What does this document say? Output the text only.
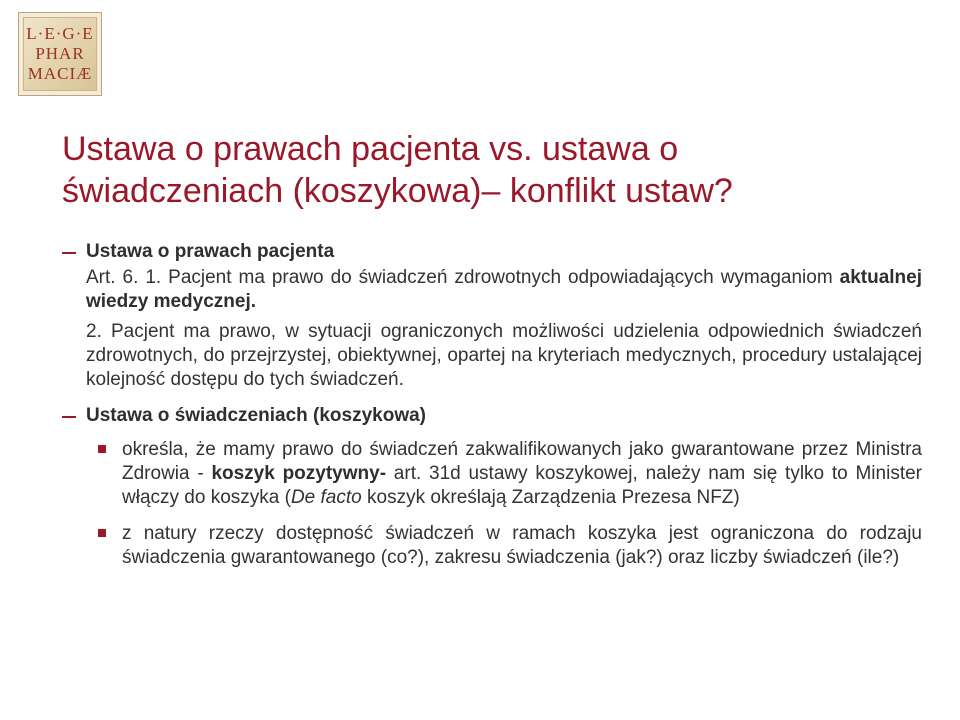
L·E·G·E
PHAR
MACIÆ
Ustawa o prawach pacjenta vs. ustawa o
świadczeniach (koszykowa)– konflikt ustaw?
Ustawa o prawach pacjenta
Art. 6. 1. Pacjent ma prawo do świadczeń zdrowotnych odpowiadających wymaganiom aktualnej wiedzy medycznej.
2. Pacjent ma prawo, w sytuacji ograniczonych możliwości udzielenia odpowiednich świadczeń zdrowotnych, do przejrzystej, obiektywnej, opartej na kryteriach medycznych, procedury ustalającej kolejność dostępu do tych świadczeń.
Ustawa o świadczeniach (koszykowa)
określa, że mamy prawo do świadczeń zakwalifikowanych jako gwarantowane przez Ministra Zdrowia - koszyk pozytywny- art. 31d ustawy koszykowej, należy nam się tylko to Minister włączy do koszyka (De facto koszyk określają Zarządzenia Prezesa NFZ)
z natury rzeczy dostępność świadczeń w ramach koszyka jest ograniczona do rodzaju świadczenia gwarantowanego (co?), zakresu świadczenia (jak?) oraz liczby świadczeń (ile?)
